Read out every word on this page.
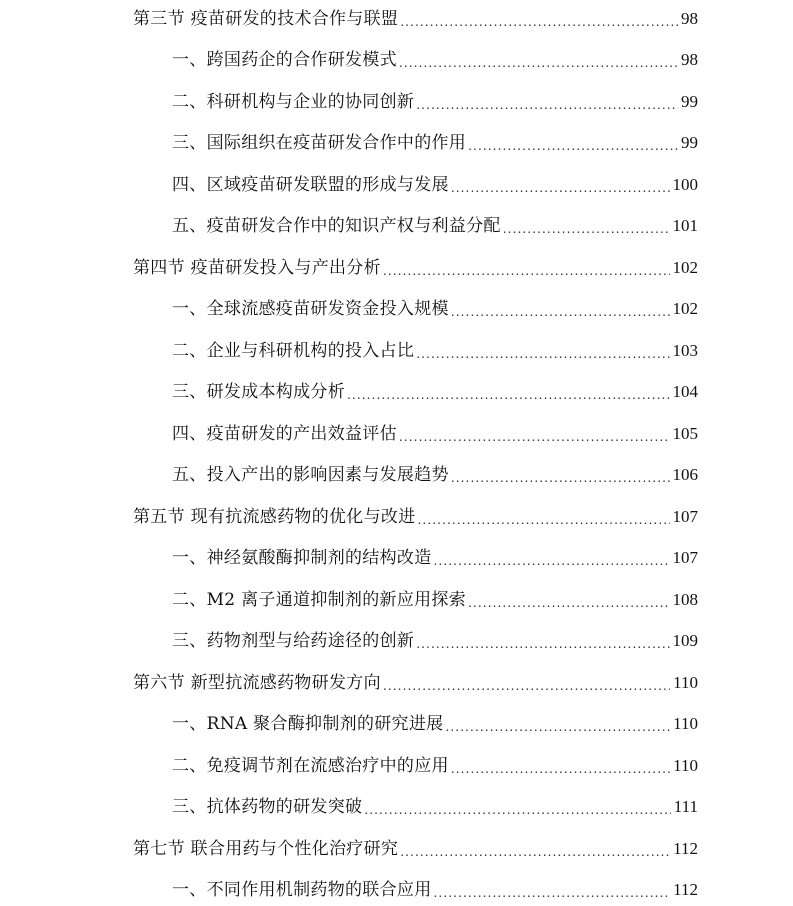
第三节 疫苗研发的技术合作与联盟 .....	98
一、跨国药企的合作研发模式 .....	98
二、科研机构与企业的协同创新 .....	99
三、国际组织在疫苗研发合作中的作用 .....	99
四、区域疫苗研发联盟的形成与发展 .....	100
五、疫苗研发合作中的知识产权与利益分配 .....	101
第四节 疫苗研发投入与产出分析 .....	102
一、全球流感疫苗研发资金投入规模 .....	102
二、企业与科研机构的投入占比 .....	103
三、研发成本构成分析 .....	104
四、疫苗研发的产出效益评估 .....	105
五、投入产出的影响因素与发展趋势 .....	106
第五节 现有抗流感药物的优化与改进 .....	107
一、神经氨酸酶抑制剂的结构改造 .....	107
二、M2 离子通道抑制剂的新应用探索 .....	108
三、药物剂型与给药途径的创新 .....	109
第六节 新型抗流感药物研发方向 .....	110
一、RNA 聚合酶抑制剂的研究进展 .....	110
二、免疫调节剂在流感治疗中的应用 .....	110
三、抗体药物的研发突破 .....	111
第七节 联合用药与个性化治疗研究 .....	112
一、不同作用机制药物的联合应用 .....	112
